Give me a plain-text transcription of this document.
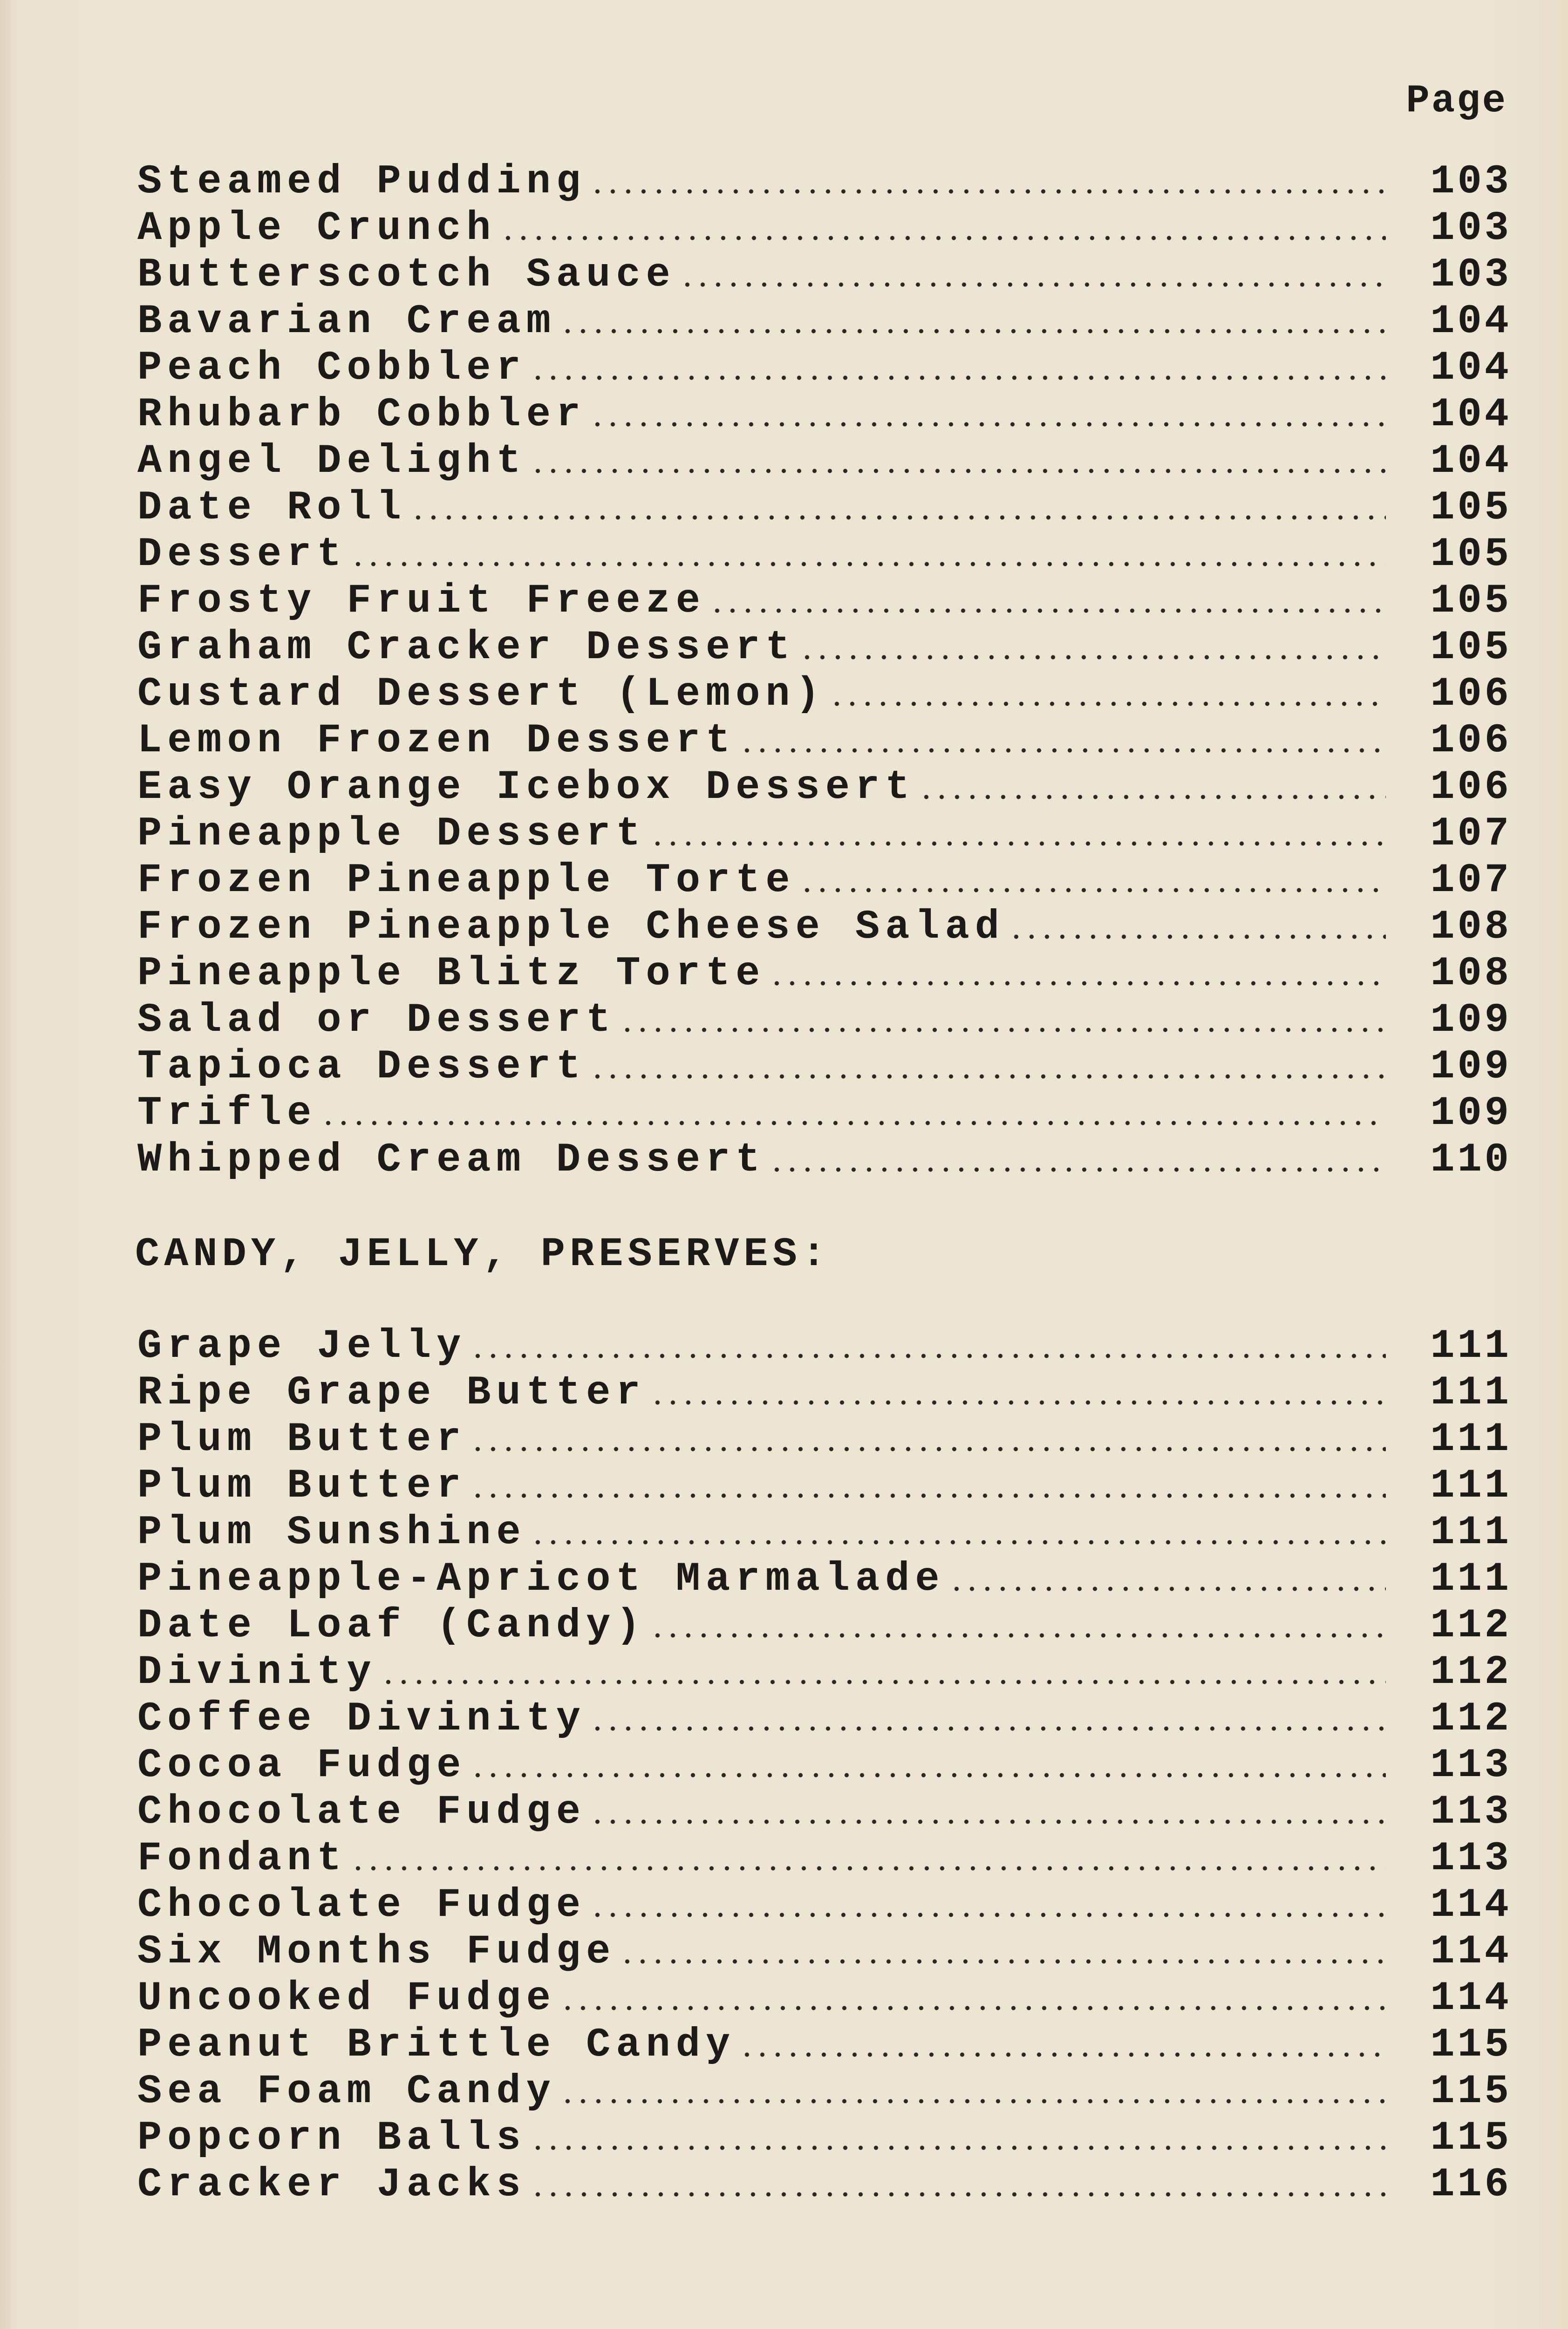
Page
Steamed Pudding	103
Apple Crunch	103
Butterscotch Sauce	103
Bavarian Cream	104
Peach Cobbler	104
Rhubarb Cobbler	104
Angel Delight	104
Date Roll	105
Dessert	105
Frosty Fruit Freeze	105
Graham Cracker Dessert	105
Custard Dessert (Lemon)	106
Lemon Frozen Dessert	106
Easy Orange Icebox Dessert	106
Pineapple Dessert	107
Frozen Pineapple Torte	107
Frozen Pineapple Cheese Salad	108
Pineapple Blitz Torte	108
Salad or Dessert	109
Tapioca Dessert	109
Trifle	109
Whipped Cream Dessert	110
CANDY, JELLY, PRESERVES:
Grape Jelly	111
Ripe Grape Butter	111
Plum Butter	111
Plum Butter	111
Plum Sunshine	111
Pineapple-Apricot Marmalade	111
Date Loaf (Candy)	112
Divinity	112
Coffee Divinity	112
Cocoa Fudge	113
Chocolate Fudge	113
Fondant	113
Chocolate Fudge	114
Six Months Fudge	114
Uncooked Fudge	114
Peanut Brittle Candy	115
Sea Foam Candy	115
Popcorn Balls	115
Cracker Jacks	116
